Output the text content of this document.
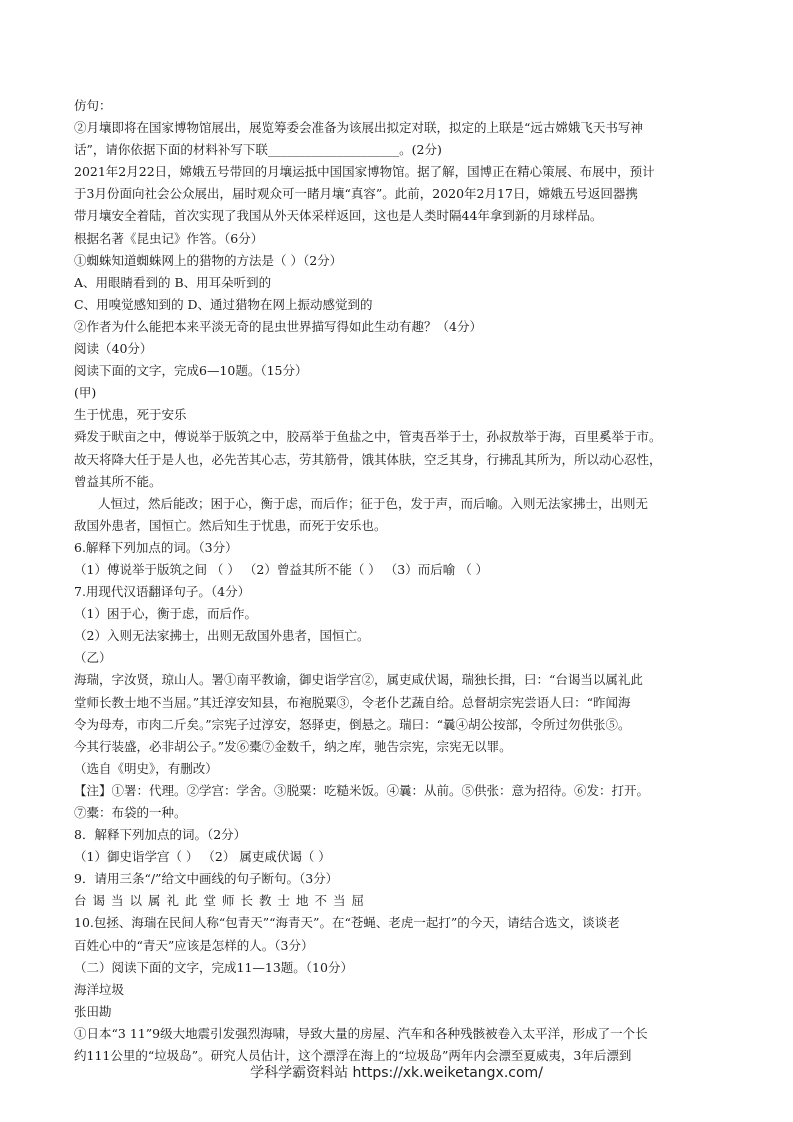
仿句：
②月壤即将在国家博物馆展出，展览筹委会准备为该展出拟定对联，拟定的上联是“远古嫦娥飞天书写神
话”，请你依据下面的材料补写下联_____________________。(2分)
2021年2月22日，嫦娥五号带回的月壤运抵中国国家博物馆。据了解，国博正在精心策展、布展中，预计
于3月份面向社会公众展出，届时观众可一睹月壤“真容”。此前，2020年2月17日，嫦娥五号返回器携
带月壤安全着陆，首次实现了我国从外天体采样返回，这也是人类时隔44年拿到新的月球样品。
根据名著《昆虫记》作答。（6分）
①蜘蛛知道蜘蛛网上的猎物的方法是（ ）（2分）
A、用眼睛看到的 B、用耳朵听到的
C、用嗅觉感知到的 D、通过猎物在网上振动感觉到的
②作者为什么能把本来平淡无奇的昆虫世界描写得如此生动有趣？（4分）
阅读（40分）
阅读下面的文字，完成6—10题。（15分）
(甲)
生于忧患，死于安乐
舜发于畎亩之中，傅说举于版筑之中，胶鬲举于鱼盐之中，管夷吾举于士，孙叔敖举于海，百里奚举于市。
故天将降大任于是人也，必先苦其心志，劳其筋骨，饿其体肤，空乏其身，行拂乱其所为，所以动心忍性，
曾益其所不能。
人恒过，然后能改；困于心，衡于虑，而后作；征于色，发于声，而后喻。入则无法家拂士，出则无
敌国外患者，国恒亡。然后知生于忧患，而死于安乐也。
6.解释下列加点的词。（3分）
（1）傅说举于版筑之间 （ ） （2）曾益其所不能（ ） （3）而后喻 （ ）
7.用现代汉语翻译句子。（4分）
（1）困于心，衡于虑，而后作。
（2）入则无法家拂士，出则无敌国外患者，国恒亡。
（乙）
海瑞，字汝贤，琼山人。署①南平教谕，御史诣学宫②，属吏咸伏谒，瑞独长揖，曰：“台谒当以属礼此
堂师长教士地不当屈。”其迁淳安知县，布袍脱粟③，令老仆艺蔬自给。总督胡宗宪尝语人曰：“昨闻海
令为母寿，市肉二斤矣。”宗宪子过淳安，怒驿吏，倒悬之。瑞曰：“曩④胡公按部，令所过勿供张⑤。
今其行装盛，必非胡公子。”发⑥橐⑦金数千，纳之库，驰告宗宪，宗宪无以罪。
（选自《明史》，有删改）
【注】①署：代理。②学宫：学舍。③脱粟：吃糙米饭。④曩：从前。⑤供张：意为招待。⑥发：打开。
⑦橐：布袋的一种。
8．解释下列加点的词。（2分）
（1）御史诣学宫（ ） （2） 属吏咸伏谒（ ）
9．请用三条“/”给文中画线的句子断句。（3分）
台谒当以属礼此堂师长教士地不当屈
10.包拯、海瑞在民间人称“包青天”“海青天”。在“苍蝇、老虎一起打”的今天，请结合选文，谈谈老
百姓心中的“青天”应该是怎样的人。（3分）
（二）阅读下面的文字，完成11—13题。（10分）
海洋垃圾
张田勘
①日本“3 11”9级大地震引发强烈海啸，导致大量的房屋、汽车和各种残骸被卷入太平洋，形成了一个长
约111公里的“垃圾岛”。研究人员估计，这个漂浮在海上的“垃圾岛”两年内会漂至夏威夷，3年后漂到
学科学霸资料站 https://xk.weiketangx.com/
